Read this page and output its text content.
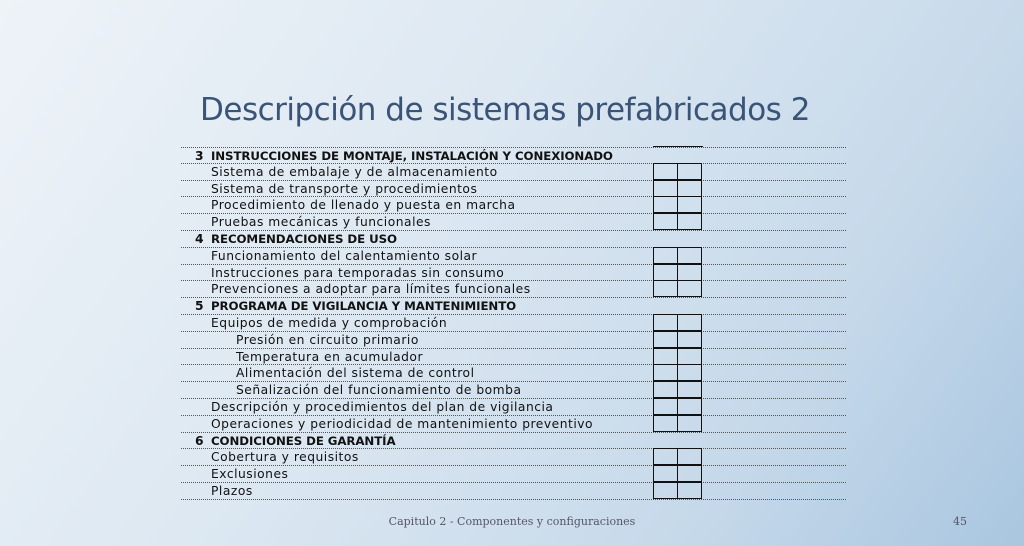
Descripción de sistemas prefabricados 2
3 INSTRUCCIONES DE MONTAJE, INSTALACIÓN Y CONEXIONADO
Sistema de embalaje y de almacenamiento
Sistema de transporte y procedimientos
Procedimiento de llenado y puesta en marcha
Pruebas mecánicas y funcionales
4 RECOMENDACIONES DE USO
Funcionamiento del calentamiento solar
Instrucciones para temporadas sin consumo
Prevenciones a adoptar para límites funcionales
5 PROGRAMA DE VIGILANCIA Y MANTENIMIENTO
Equipos de medida y comprobación
Presión en circuito primario
Temperatura en acumulador
Alimentación del sistema de control
Señalización del funcionamiento de bomba
Descripción y procedimientos del plan de vigilancia
Operaciones y periodicidad de mantenimiento preventivo
6 CONDICIONES DE GARANTÍA
Cobertura y requisitos
Exclusiones
Plazos
Capitulo 2 - Componentes y configuraciones	45
